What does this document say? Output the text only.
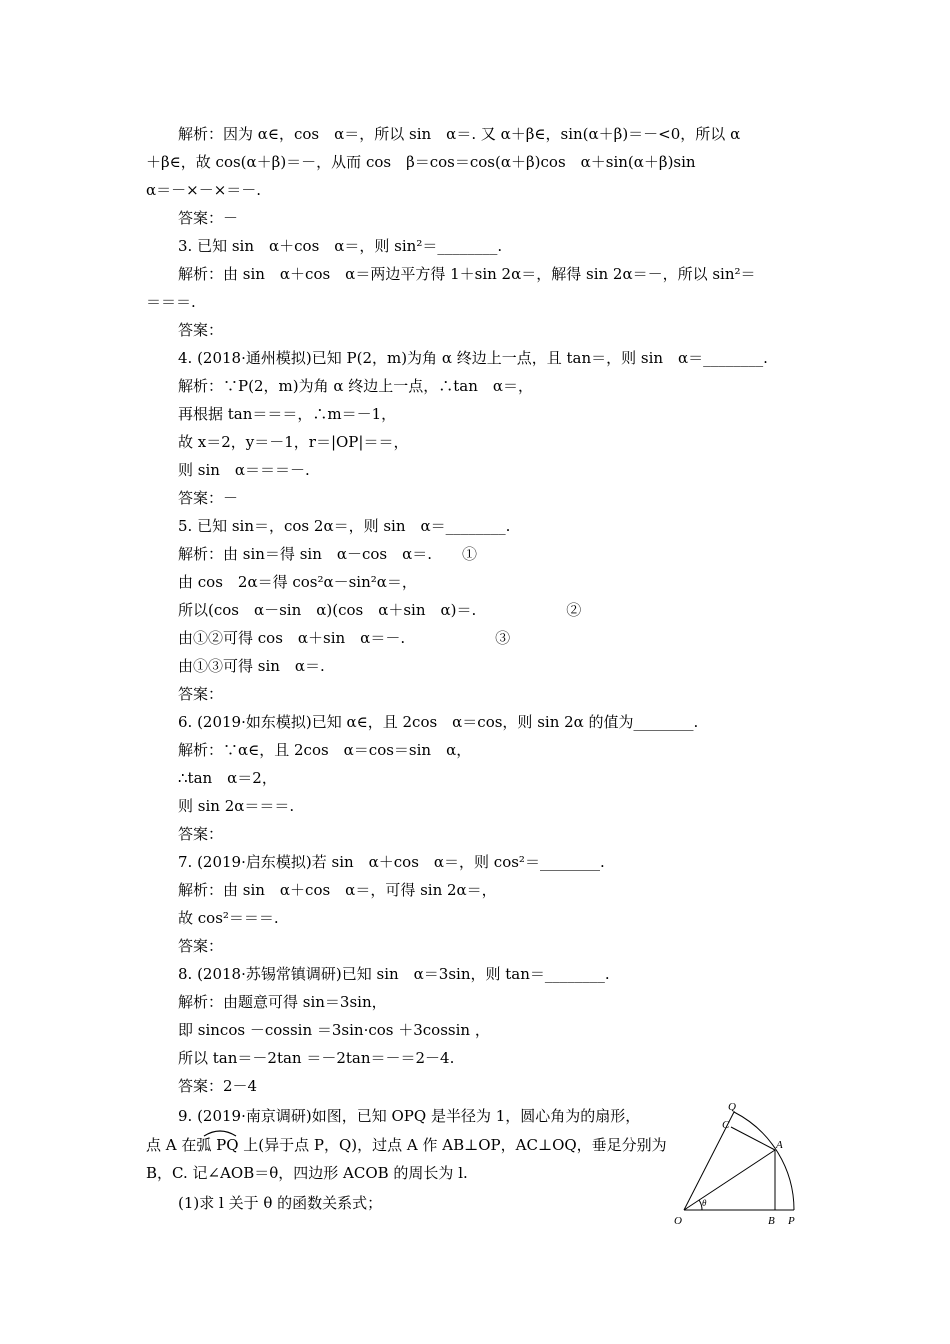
解析：因为 α∈，cos　α＝，所以 sin　α＝. 又 α＋β∈，sin(α＋β)＝－<0，所以 α
＋β∈，故 cos(α＋β)＝－，从而 cos　β＝cos＝cos(α＋β)cos　α＋sin(α＋β)sin
α＝－×－×＝－.
答案：－
3. 已知 sin　α＋cos　α＝，则 sin²＝________.
解析：由 sin　α＋cos　α＝两边平方得 1＋sin 2α＝，解得 sin 2α＝－，所以 sin²＝
＝＝＝.
答案：
4. (2018·通州模拟)已知 P(2，m)为角 α 终边上一点，且 tan＝，则 sin　α＝________.
解析：∵P(2，m)为角 α 终边上一点，∴tan　α＝，
再根据 tan＝＝＝，∴m＝－1，
故 x＝2，y＝－1，r＝|OP|＝＝，
则 sin　α＝＝＝－.
答案：－
5. 已知 sin＝，cos 2α＝，则 sin　α＝________.
解析：由 sin＝得 sin　α－cos　α＝.　　①
由 cos　2α＝得 cos²α－sin²α＝，
所以(cos　α－sin　α)(cos　α＋sin　α)＝.　　　　　　②
由①②可得 cos　α＋sin　α＝－.　　　　　　③
由①③可得 sin　α＝.
答案：
6. (2019·如东模拟)已知 α∈，且 2cos　α＝cos，则 sin 2α 的值为________.
解析：∵α∈，且 2cos　α＝cos＝sin　α，
∴tan　α＝2，
则 sin 2α＝＝＝.
答案：
7. (2019·启东模拟)若 sin　α＋cos　α＝，则 cos²＝________.
解析：由 sin　α＋cos　α＝，可得 sin 2α＝，
故 cos²＝＝＝.
答案：
8. (2018·苏锡常镇调研)已知 sin　α＝3sin，则 tan＝________.
解析：由题意可得 sin＝3sin，
即 sincos －cossin ＝3sin·cos ＋3cossin ，
所以 tan＝－2tan ＝－2tan＝－＝2－4.
答案：2－4
9. (2019·南京调研)如图，已知 OPQ 是半径为 1，圆心角为的扇形，
点 A 在弧 PQ 上(异于点 P，Q)，过点 A 作 AB⊥OP，AC⊥OQ，垂足分别为
B，C. 记∠AOB＝θ，四边形 ACOB 的周长为 l.
(1)求 l 关于 θ 的函数关系式；
O	B P
Q
C
A
θ
